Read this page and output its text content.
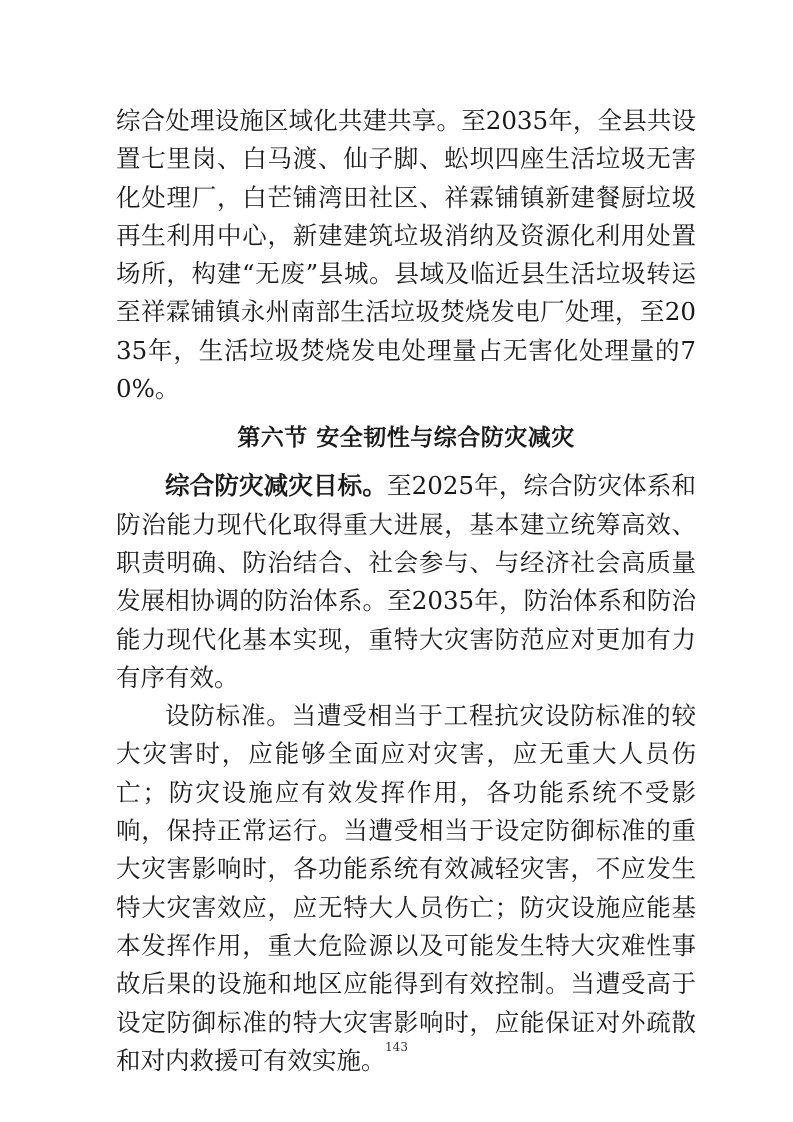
综合处理设施区域化共建共享。至2035年，全县共设置七里岗、白马渡、仙子脚、蚣坝四座生活垃圾无害化处理厂，白芒铺湾田社区、祥霖铺镇新建餐厨垃圾再生利用中心，新建建筑垃圾消纳及资源化利用处置场所，构建“无废”县城。县域及临近县生活垃圾转运至祥霖铺镇永州南部生活垃圾焚烧发电厂处理，至2035年，生活垃圾焚烧发电处理量占无害化处理量的70%。

第六节 安全韧性与综合防灾减灾

综合防灾减灾目标。至2025年，综合防灾体系和防治能力现代化取得重大进展，基本建立统筹高效、职责明确、防治结合、社会参与、与经济社会高质量发展相协调的防治体系。至2035年，防治体系和防治能力现代化基本实现，重特大灾害防范应对更加有力有序有效。

设防标准。当遭受相当于工程抗灾设防标准的较大灾害时，应能够全面应对灾害，应无重大人员伤亡；防灾设施应有效发挥作用，各功能系统不受影响，保持正常运行。当遭受相当于设定防御标准的重大灾害影响时，各功能系统有效减轻灾害，不应发生特大灾害效应，应无特大人员伤亡；防灾设施应能基本发挥作用，重大危险源以及可能发生特大灾难性事故后果的设施和地区应能得到有效控制。当遭受高于设定防御标准的特大灾害影响时，应能保证对外疏散和对内救援可有效实施。 143
